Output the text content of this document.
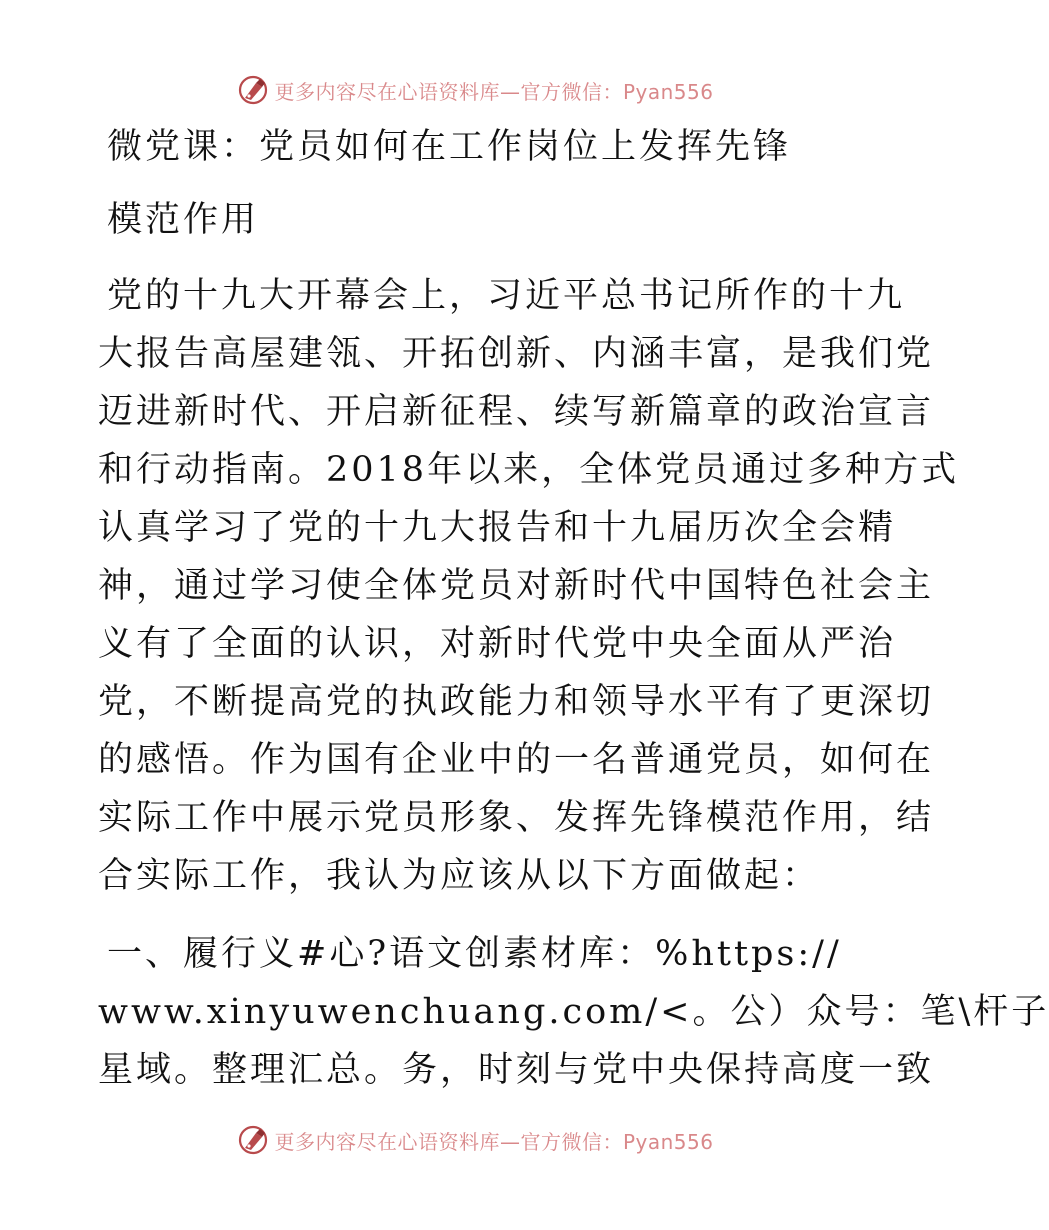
更多内容尽在心语资料库—官方微信：Pyan556
微党课：党员如何在工作岗位上发挥先锋
模范作用
党的十九大开幕会上，习近平总书记所作的十九
大报告高屋建瓴、开拓创新、内涵丰富，是我们党
迈进新时代、开启新征程、续写新篇章的政治宣言
和行动指南。2018年以来，全体党员通过多种方式
认真学习了党的十九大报告和十九届历次全会精
神，通过学习使全体党员对新时代中国特色社会主
义有了全面的认识，对新时代党中央全面从严治
党，不断提高党的执政能力和领导水平有了更深切
的感悟。作为国有企业中的一名普通党员，如何在
实际工作中展示党员形象、发挥先锋模范作用，结
合实际工作，我认为应该从以下方面做起：
一、履行义#心?语文创素材库：%https://
www.xinyuwenchuang.com/<。公）众号：笔\杆子
星域。整理汇总。务，时刻与党中央保持高度一致
更多内容尽在心语资料库—官方微信：Pyan556
